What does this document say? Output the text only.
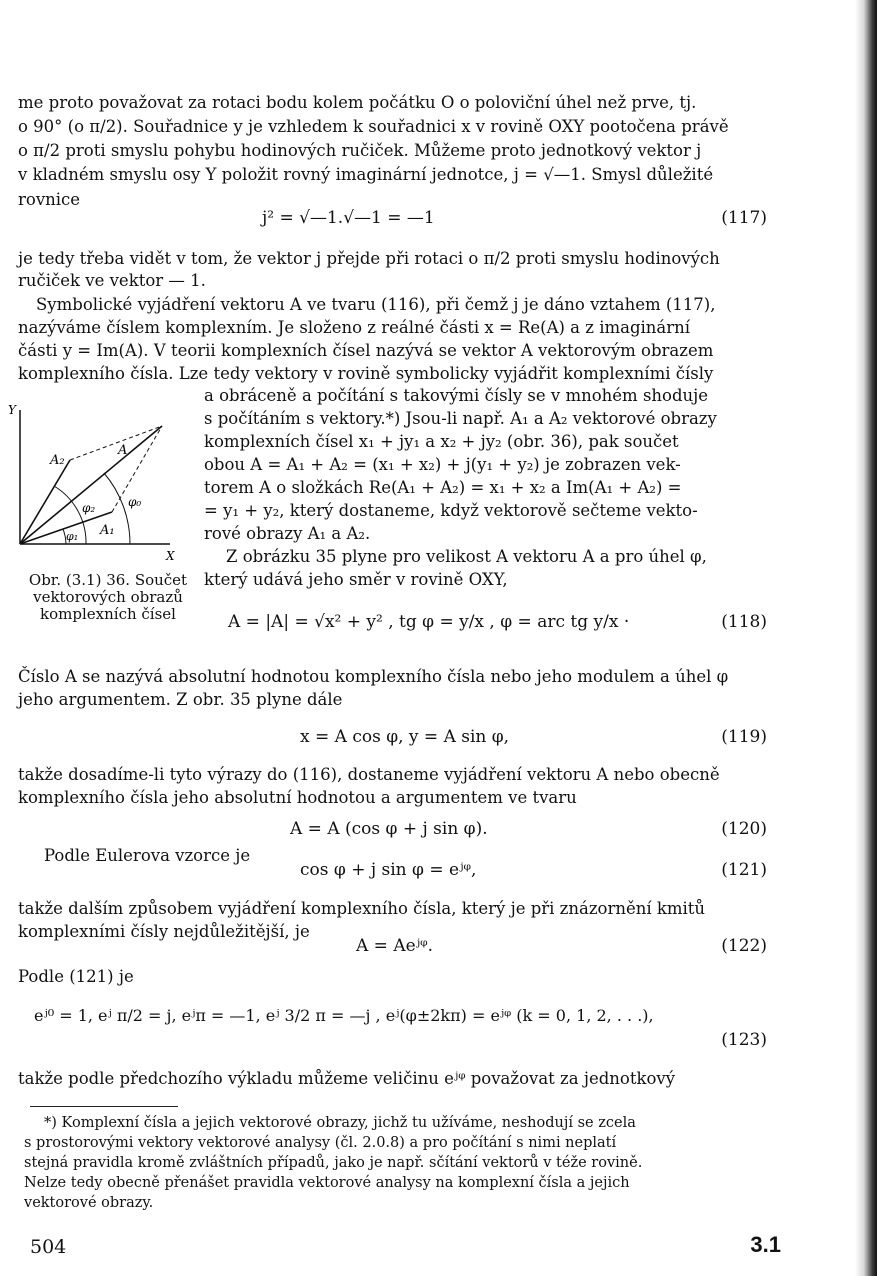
me proto považovat za rotaci bodu kolem počátku O o poloviční úhel než prve, tj.
o 90° (o π/2). Souřadnice y je vzhledem k souřadnici x v rovině OXY pootočena právě
o π/2 proti smyslu pohybu hodinových ručiček. Můžeme proto jednotkový vektor j
v kladném smyslu osy Y položit rovný imaginární jednotce, j = √—1. Smysl důležité
rovnice
j² = √—1.√—1 = —1	(117)
je tedy třeba vidět v tom, že vektor j přejde při rotaci o π/2 proti smyslu hodinových
ručiček ve vektor — 1.
Symbolické vyjádření vektoru A ve tvaru (116), při čemž j je dáno vztahem (117),
nazýváme číslem komplexním. Je složeno z reálné části x = Re(A) a z imaginární
části y = Im(A). V teorii komplexních čísel nazývá se vektor A vektorovým obrazem
komplexního čísla. Lze tedy vektory v rovině symbolicky vyjádřit komplexními čísly
Y
X
A
A₂
A₁
φ₀
φ₂
φ₁
Obr. (3.1) 36. Součet vektorových obrazů komplexních čísel
a obráceně a počítání s takovými čísly se v mnohém shoduje
s počítáním s vektory.*) Jsou-li např. A₁ a A₂ vektorové obrazy
komplexních čísel x₁ + jy₁ a x₂ + jy₂ (obr. 36), pak součet
obou A = A₁ + A₂ = (x₁ + x₂) + j(y₁ + y₂) je zobrazen vek-
torem A o složkách Re(A₁ + A₂) = x₁ + x₂ a Im(A₁ + A₂) =
= y₁ + y₂, který dostaneme, když vektorově sečteme vekto-
rové obrazy A₁ a A₂.
Z obrázku 35 plyne pro velikost A vektoru A a pro úhel φ,
který udává jeho směr v rovině OXY,
A = |A| = √x² + y² , tg φ = y/x , φ = arc tg y/x ·	(118)
Číslo A se nazývá absolutní hodnotou komplexního čísla nebo jeho modulem a úhel φ
jeho argumentem. Z obr. 35 plyne dále
x = A cos φ, y = A sin φ,	(119)
takže dosadíme-li tyto výrazy do (116), dostaneme vyjádření vektoru A nebo obecně
komplexního čísla jeho absolutní hodnotou a argumentem ve tvaru
A = A (cos φ + j sin φ).	(120)
Podle Eulerova vzorce je
cos φ + j sin φ = eʲᵠ,	(121)
takže dalším způsobem vyjádření komplexního čísla, který je při znázornění kmitů
komplexními čísly nejdůležitější, je
A = Aeʲᵠ.	(122)
Podle (121) je
eʲ⁰ = 1, eʲ π/2 = j, eʲπ = —1, eʲ 3/2 π = —j , eʲ(φ±2kπ) = eʲᵠ (k = 0, 1, 2, . . .),
(123)
takže podle předchozího výkladu můžeme veličinu eʲᵠ považovat za jednotkový
*) Komplexní čísla a jejich vektorové obrazy, jichž tu užíváme, neshodují se zcela
s prostorovými vektory vektorové analysy (čl. 2.0.8) a pro počítání s nimi neplatí
stejná pravidla kromě zvláštních případů, jako je např. sčítání vektorů v téže rovině.
Nelze tedy obecně přenášet pravidla vektorové analysy na komplexní čísla a jejich
vektorové obrazy.
504	3.1
